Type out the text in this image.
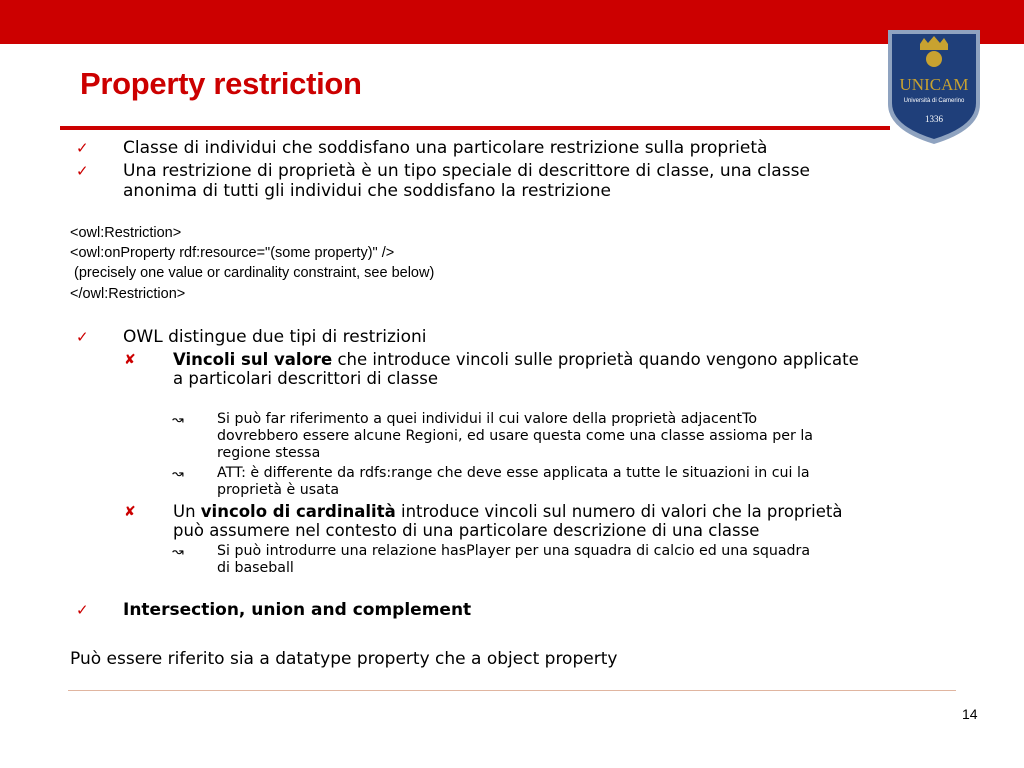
Property restriction	UNICAM
Università di Camerino
1336
✓ Classe di individui che soddisfano una particolare restrizione sulla proprietà
✓ Una restrizione di proprietà è un tipo speciale di descrittore di classe, una classe
anonima di tutti gli individui che soddisfano la restrizione
<owl:Restriction>
<owl:onProperty rdf:resource="(some property)" />
(precisely one value or cardinality constraint, see below)
</owl:Restriction>
✓ OWL distingue due tipi di restrizioni
✘ Vincoli sul valore che introduce vincoli sulle proprietà quando vengono applicate
a particolari descrittori di classe
↝ Si può far riferimento a quei individui il cui valore della proprietà adjacentTo
dovrebbero essere alcune Regioni, ed usare questa come una classe assioma per la
regione stessa
↝ ATT: è differente da rdfs:range che deve esse applicata a tutte le situazioni in cui la
proprietà è usata
✘ Un vincolo di cardinalità introduce vincoli sul numero di valori che la proprietà
può assumere nel contesto di una particolare descrizione di una classe
↝ Si può introdurre una relazione hasPlayer per una squadra di calcio ed una squadra
di baseball
✓ Intersection, union and complement
Può essere riferito sia a datatype property che a object property
14
